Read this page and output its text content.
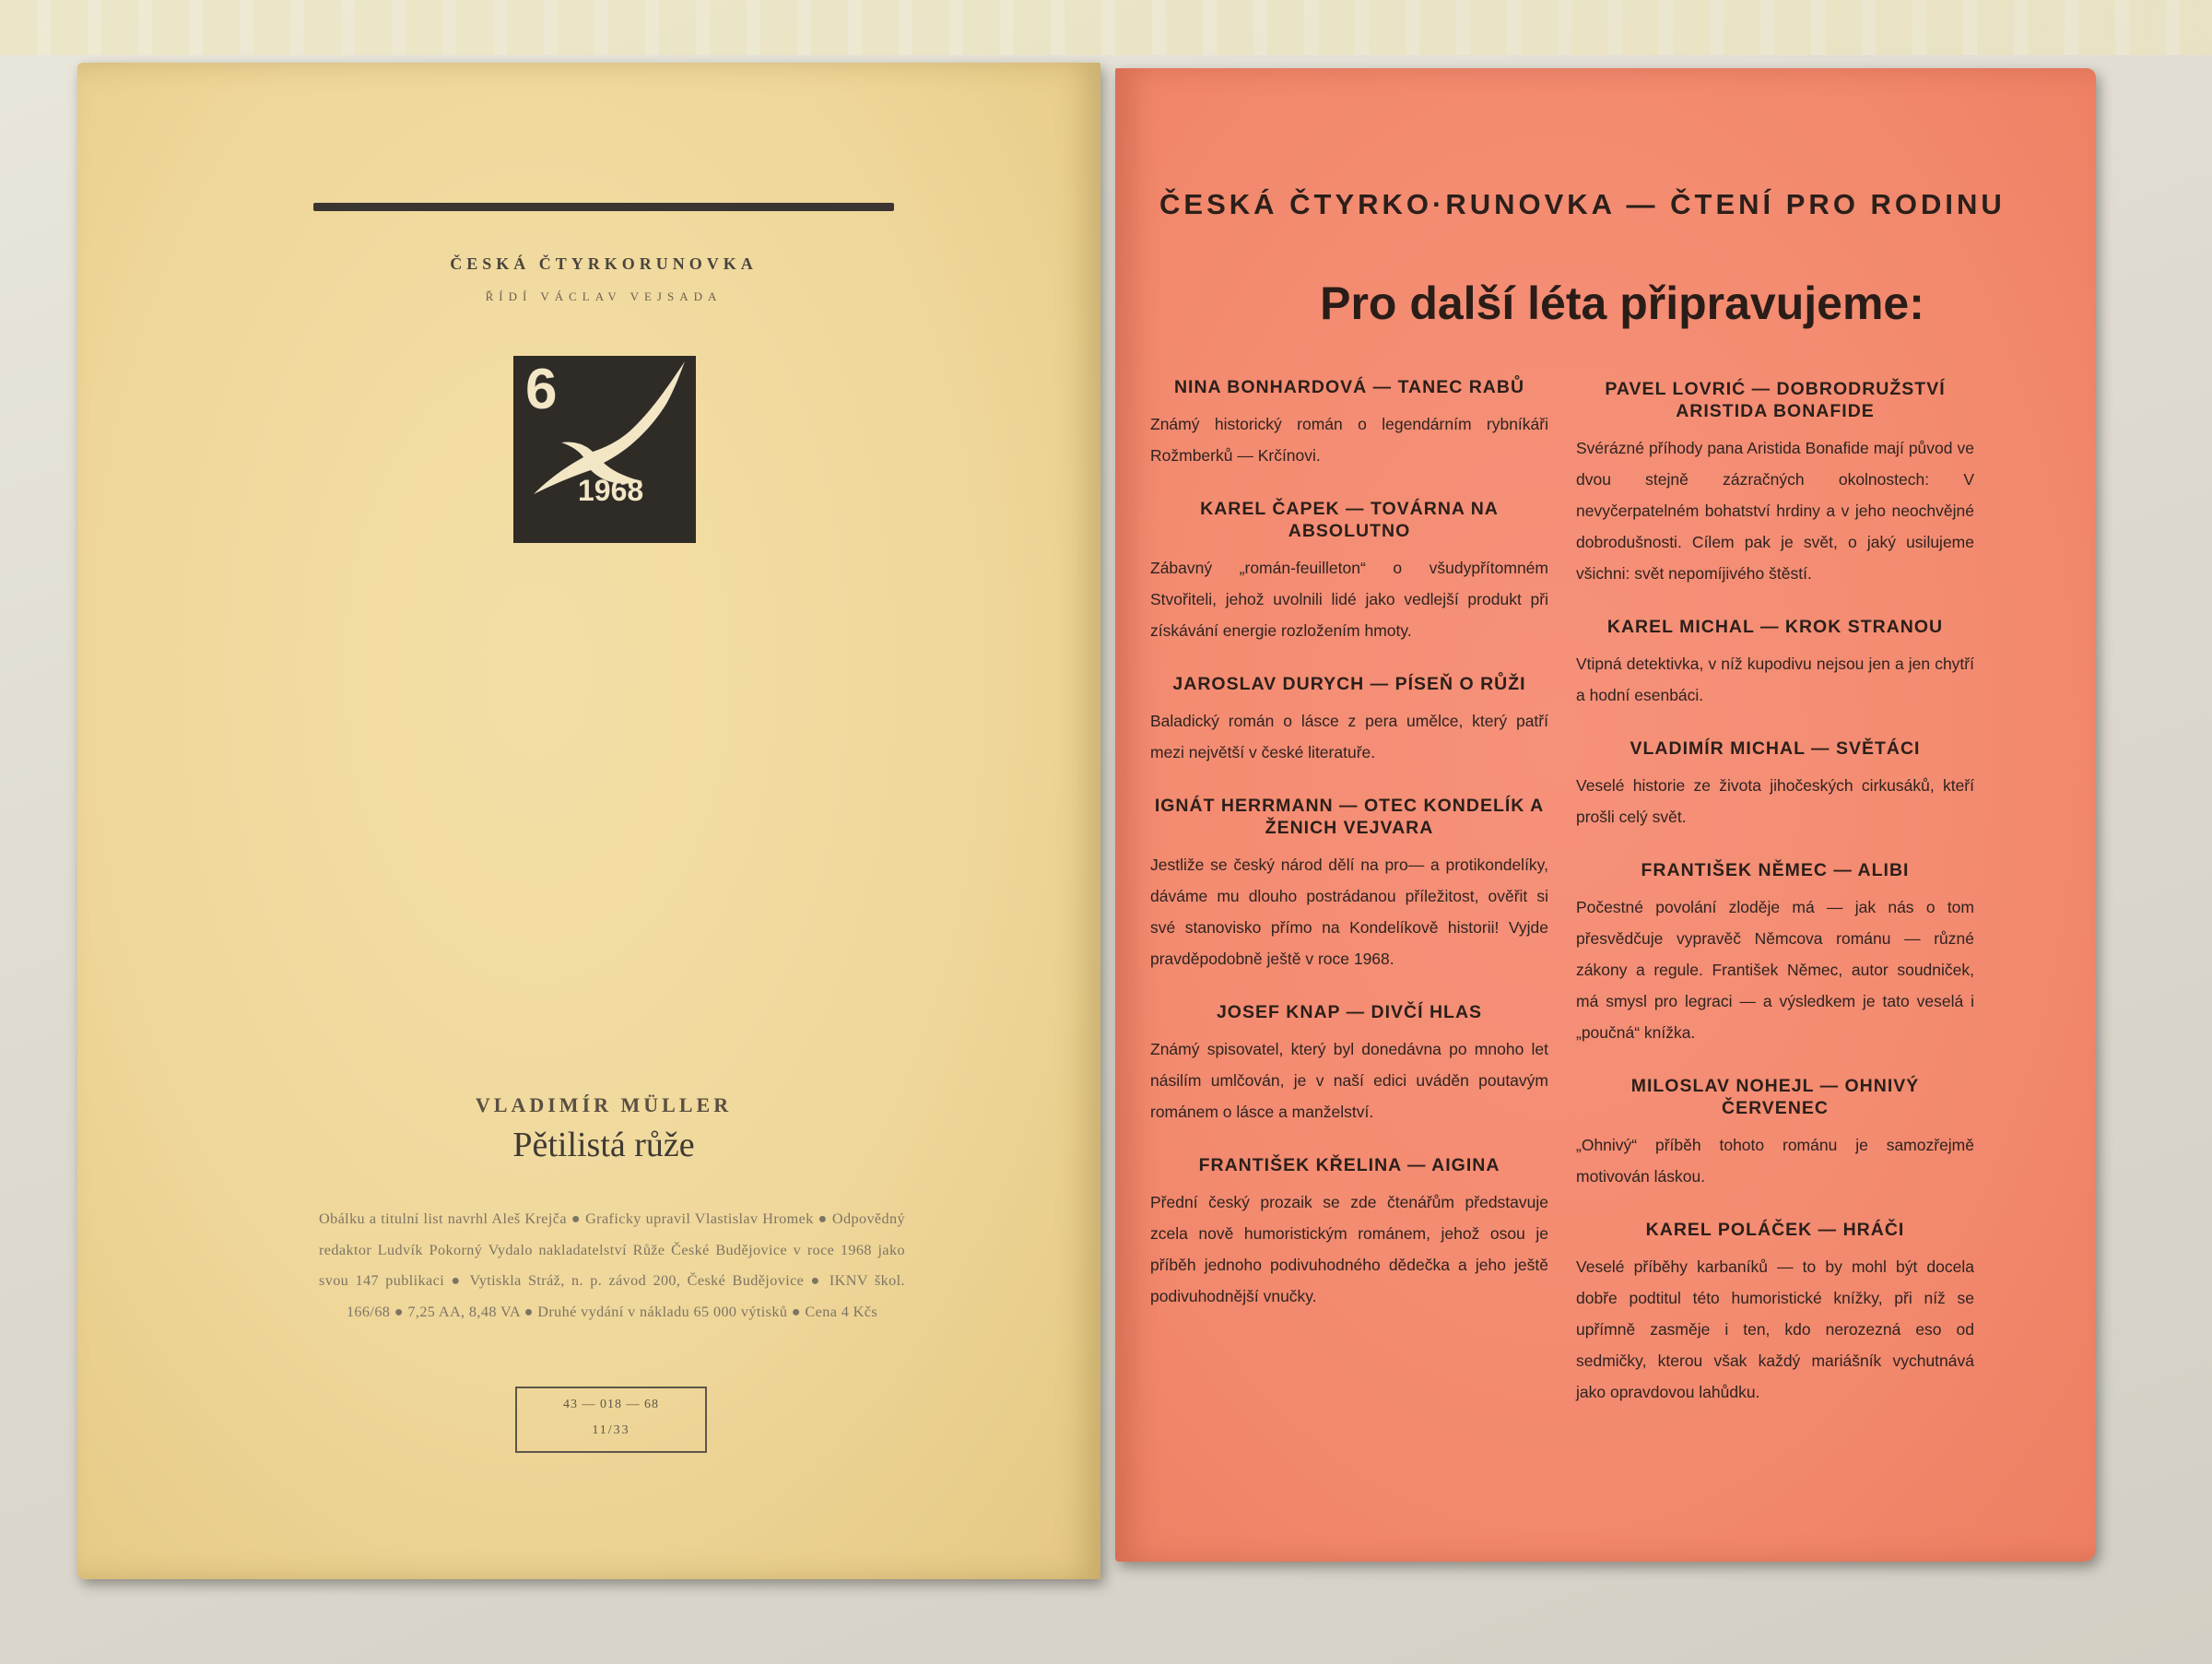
ČESKÁ ČTYRKORUNOVKA
ŘÍDÍ VÁCLAV VEJSADA
6
1968
VLADIMÍR MÜLLER
Pětilistá růže
Obálku a titulní list navrhl Aleš Krejča ● Graficky upravil Vlastislav Hromek ● Odpovědný redaktor Ludvík Pokorný Vydalo nakladatelství Růže České Budějovice v roce 1968 jako svou 147 publikaci ● Vytiskla Stráž, n. p. závod 200, České Budějovice ● IKNV škol. 166/68 ● 7,25 AA, 8,48 VA ● Druhé vydání v nákladu 65 000 výtisků ● Cena 4 Kčs
43 — 018 — 68
11/33
ČESKÁ ČTYRKO·RUNOVKA — ČTENÍ PRO RODINU
Pro další léta připravujeme:
NINA BONHARDOVÁ — TANEC RABŮ
Známý historický román o legendárním rybníkáři Rožmberků — Krčínovi.
KAREL ČAPEK — TOVÁRNA NA ABSOLUTNO
Zábavný „román-feuilleton“ o všudypřítomném Stvořiteli, jehož uvolnili lidé jako vedlejší produkt při získávání energie rozložením hmoty.
JAROSLAV DURYCH — PÍSEŇ O RŮŽI
Baladický román o lásce z pera umělce, který patří mezi největší v české literatuře.
IGNÁT HERRMANN — OTEC KONDELÍK A ŽENICH VEJVARA
Jestliže se český národ dělí na pro— a protikondelíky, dáváme mu dlouho postrádanou příležitost, ověřit si své stanovisko přímo na Kondelíkově historii! Vyjde pravděpodobně ještě v roce 1968.
JOSEF KNAP — DIVČÍ HLAS
Známý spisovatel, který byl donedávna po mnoho let násilím umlčován, je v naší edici uváděn poutavým románem o lásce a manželství.
FRANTIŠEK KŘELINA — AIGINA
Přední český prozaik se zde čtenářům představuje zcela nově humoristickým románem, jehož osou je příběh jednoho podivuhodného dědečka a jeho ještě podivuhodnější vnučky.
PAVEL LOVRIĆ — DOBRODRUŽSTVÍ ARISTIDA BONAFIDE
Svérázné příhody pana Aristida Bonafide mají původ ve dvou stejně zázračných okolnostech: V nevyčerpatelném bohatství hrdiny a v jeho neochvějné dobrodušnosti. Cílem pak je svět, o jaký usilujeme všichni: svět nepomíjivého štěstí.
KAREL MICHAL — KROK STRANOU
Vtipná detektivka, v níž kupodivu nejsou jen a jen chytří a hodní esenbáci.
VLADIMÍR MICHAL — SVĚTÁCI
Veselé historie ze života jihočeských cirkusáků, kteří prošli celý svět.
FRANTIŠEK NĚMEC — ALIBI
Počestné povolání zloděje má — jak nás o tom přesvědčuje vypravěč Němcova románu — různé zákony a regule. František Němec, autor soudniček, má smysl pro legraci — a výsledkem je tato veselá i „poučná“ knížka.
MILOSLAV NOHEJL — OHNIVÝ ČERVENEC
„Ohnivý“ příběh tohoto románu je samozřejmě motivován láskou.
KAREL POLÁČEK — HRÁČI
Veselé příběhy karbaníků — to by mohl být docela dobře podtitul této humoristické knížky, při níž se upřímně zasměje i ten, kdo nerozezná eso od sedmičky, kterou však každý mariášník vychutnává jako opravdovou lahůdku.
